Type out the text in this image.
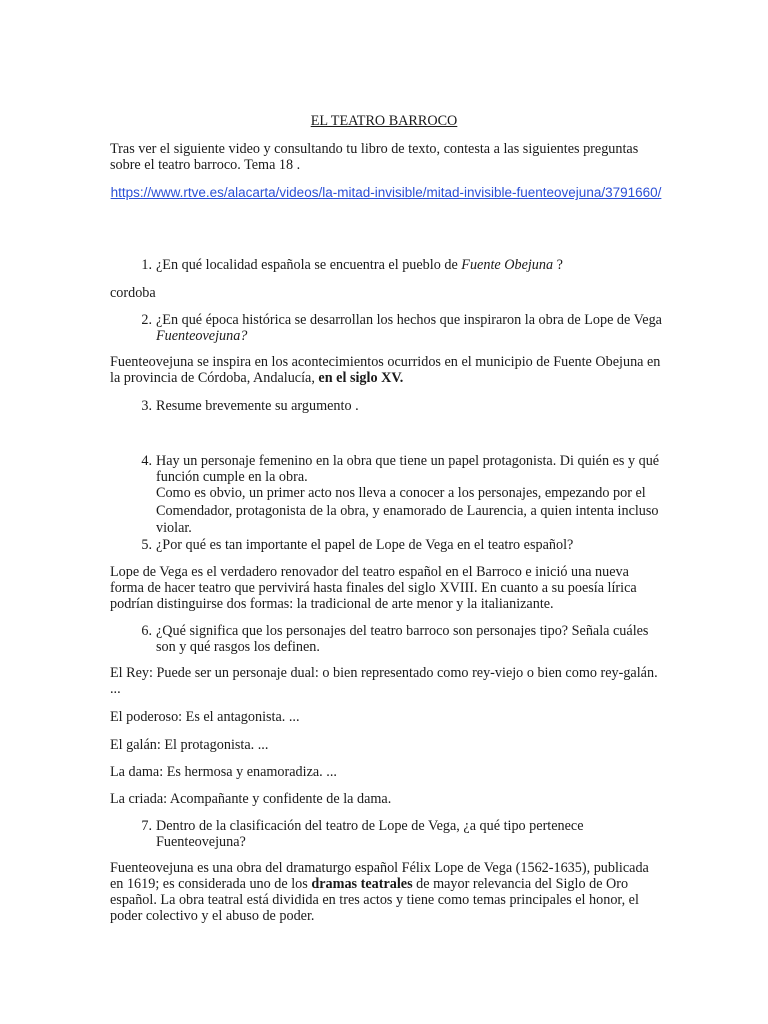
EL TEATRO BARROCO
Tras ver el siguiente video y consultando tu libro de texto, contesta a las siguientes preguntas sobre el teatro barroco. Tema 18 .
https://www.rtve.es/alacarta/videos/la-mitad-invisible/mitad-invisible-fuenteovejuna/3791660/
1. ¿En qué localidad española se encuentra el pueblo de Fuente Obejuna ?
cordoba
2. ¿En qué época histórica se desarrollan los hechos que inspiraron la obra de Lope de Vega Fuenteovejuna?
Fuenteovejuna se inspira en los acontecimientos ocurridos en el municipio de Fuente Obejuna en la provincia de Córdoba, Andalucía, en el siglo XV.
3. Resume brevemente su argumento .
4. Hay un personaje femenino en la obra que tiene un papel protagonista. Di quién es y qué función cumple en la obra.

Como es obvio, un primer acto nos lleva a conocer a los personajes, empezando por el Comendador, protagonista de la obra, y enamorado de Laurencia, a quien intenta incluso violar.
5. ¿Por qué es tan importante el papel de Lope de Vega en el teatro español?
Lope de Vega es el verdadero renovador del teatro español en el Barroco e inició una nueva forma de hacer teatro que pervivirá hasta finales del siglo XVIII. En cuanto a su poesía lírica podrían distinguirse dos formas: la tradicional de arte menor y la italianizante.
6. ¿Qué significa que los personajes del teatro barroco son personajes tipo? Señala cuáles son y qué rasgos los definen.
El Rey: Puede ser un personaje dual: o bien representado como rey-viejo o bien como rey-galán. ...
El poderoso: Es el antagonista. ...
El galán: El protagonista. ...
La dama: Es hermosa y enamoradiza. ...
La criada: Acompañante y confidente de la dama.
7. Dentro de la clasificación del teatro de Lope de Vega, ¿a qué tipo pertenece Fuenteovejuna?
Fuenteovejuna es una obra del dramaturgo español Félix Lope de Vega (1562-1635), publicada en 1619; es considerada uno de los dramas teatrales de mayor relevancia del Siglo de Oro español. La obra teatral está dividida en tres actos y tiene como temas principales el honor, el poder colectivo y el abuso de poder.
